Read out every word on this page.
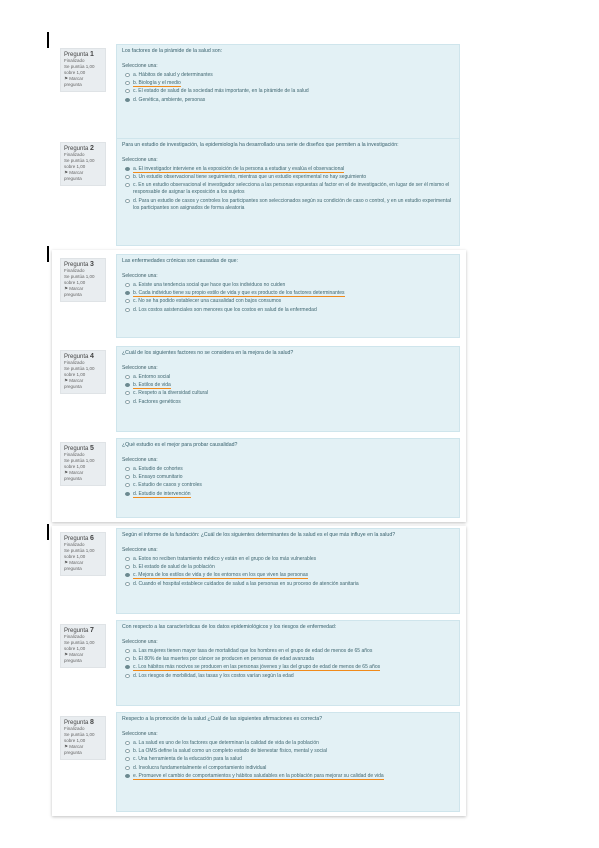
Pregunta 1
Finalizado
Se puntúa 1,00 sobre 1,00
⚑ Marcar pregunta
Los factores de la pirámide de la salud son:
Seleccione una:
a. Hábitos de salud y determinantes
b. Biología y el medio
c. El estado de salud de la sociedad más importante, en la pirámide de la salud
d. Genética, ambiente, personas
Pregunta 2
Finalizado
Se puntúa 1,00 sobre 1,00
⚑ Marcar pregunta
Para un estudio de investigación, la epidemiología ha desarrollado una serie de diseños que permiten a la investigación:
Seleccione una:
a. El investigador interviene en la exposición de la persona a estudiar y evalúa el observacional
b. Un estudio observacional tiene seguimiento, mientras que un estudio experimental no hay seguimiento
c. En un estudio observacional el investigador selecciona a las personas expuestas al factor en el de investigación, en lugar de ser él mismo el responsable de asignar la exposición a los sujetos
d. Para un estudio de casos y controles los participantes son seleccionados según su condición de caso o control, y en un estudio experimental los participantes son asignados de forma aleatoria
Pregunta 3
Finalizado
Se puntúa 1,00 sobre 1,00
⚑ Marcar pregunta
Las enfermedades crónicas son causadas de que:
Seleccione una:
a. Existe una tendencia social que hace que los individuos no cuiden
b. Cada individuo tiene su propio estilo de vida y que es producto de los factores determinantes
c. No se ha podido establecer una causalidad con bajos consumos
d. Los costos asistenciales son menores que los costos en salud de la enfermedad
Pregunta 4
Finalizado
Se puntúa 1,00 sobre 1,00
⚑ Marcar pregunta
¿Cuál de los siguientes factores no se considera en la mejora de la salud?
Seleccione una:
a. Entorno social
b. Estilos de vida
c. Respeto a la diversidad cultural
d. Factores genéticos
Pregunta 5
Finalizado
Se puntúa 1,00 sobre 1,00
⚑ Marcar pregunta
¿Qué estudio es el mejor para probar causalidad?
Seleccione una:
a. Estudio de cohortes
b. Ensayo comunitario
c. Estudio de casos y controles
d. Estudio de intervención
Pregunta 6
Finalizado
Se puntúa 1,00 sobre 1,00
⚑ Marcar pregunta
Según el informe de la fundación: ¿Cuál de los siguientes determinantes de la salud es el que más influye en la salud?
Seleccione una:
a. Estos no reciben tratamiento médico y están en el grupo de los más vulnerables
b. El estado de salud de la población
c. Mejora de los estilos de vida y de los entornos en los que viven las personas
d. Cuando el hospital establece cuidados de salud a las personas en su proceso de atención sanitaria
Pregunta 7
Finalizado
Se puntúa 1,00 sobre 1,00
⚑ Marcar pregunta
Con respecto a las características de los datos epidemiológicos y los riesgos de enfermedad:
Seleccione una:
a. Las mujeres tienen mayor tasa de mortalidad que los hombres en el grupo de edad de menos de 65 años
b. El 80% de las muertes por cáncer se producen en personas de edad avanzada
c. Los hábitos más nocivos se producen en las personas jóvenes y las del grupo de edad de menos de 65 años
d. Los riesgos de morbilidad, las tasas y los costos varían según la edad
Pregunta 8
Finalizado
Se puntúa 1,00 sobre 1,00
⚑ Marcar pregunta
Respecto a la promoción de la salud ¿Cuál de las siguientes afirmaciones es correcta?
Seleccione una:
a. La salud es uno de los factores que determinan la calidad de vida de la población
b. La OMS define la salud como un completo estado de bienestar físico, mental y social
c. Una herramienta de la educación para la salud
d. Involucra fundamentalmente el comportamiento individual
e. Promueve el cambio de comportamientos y hábitos saludables en la población para mejorar su calidad de vida
